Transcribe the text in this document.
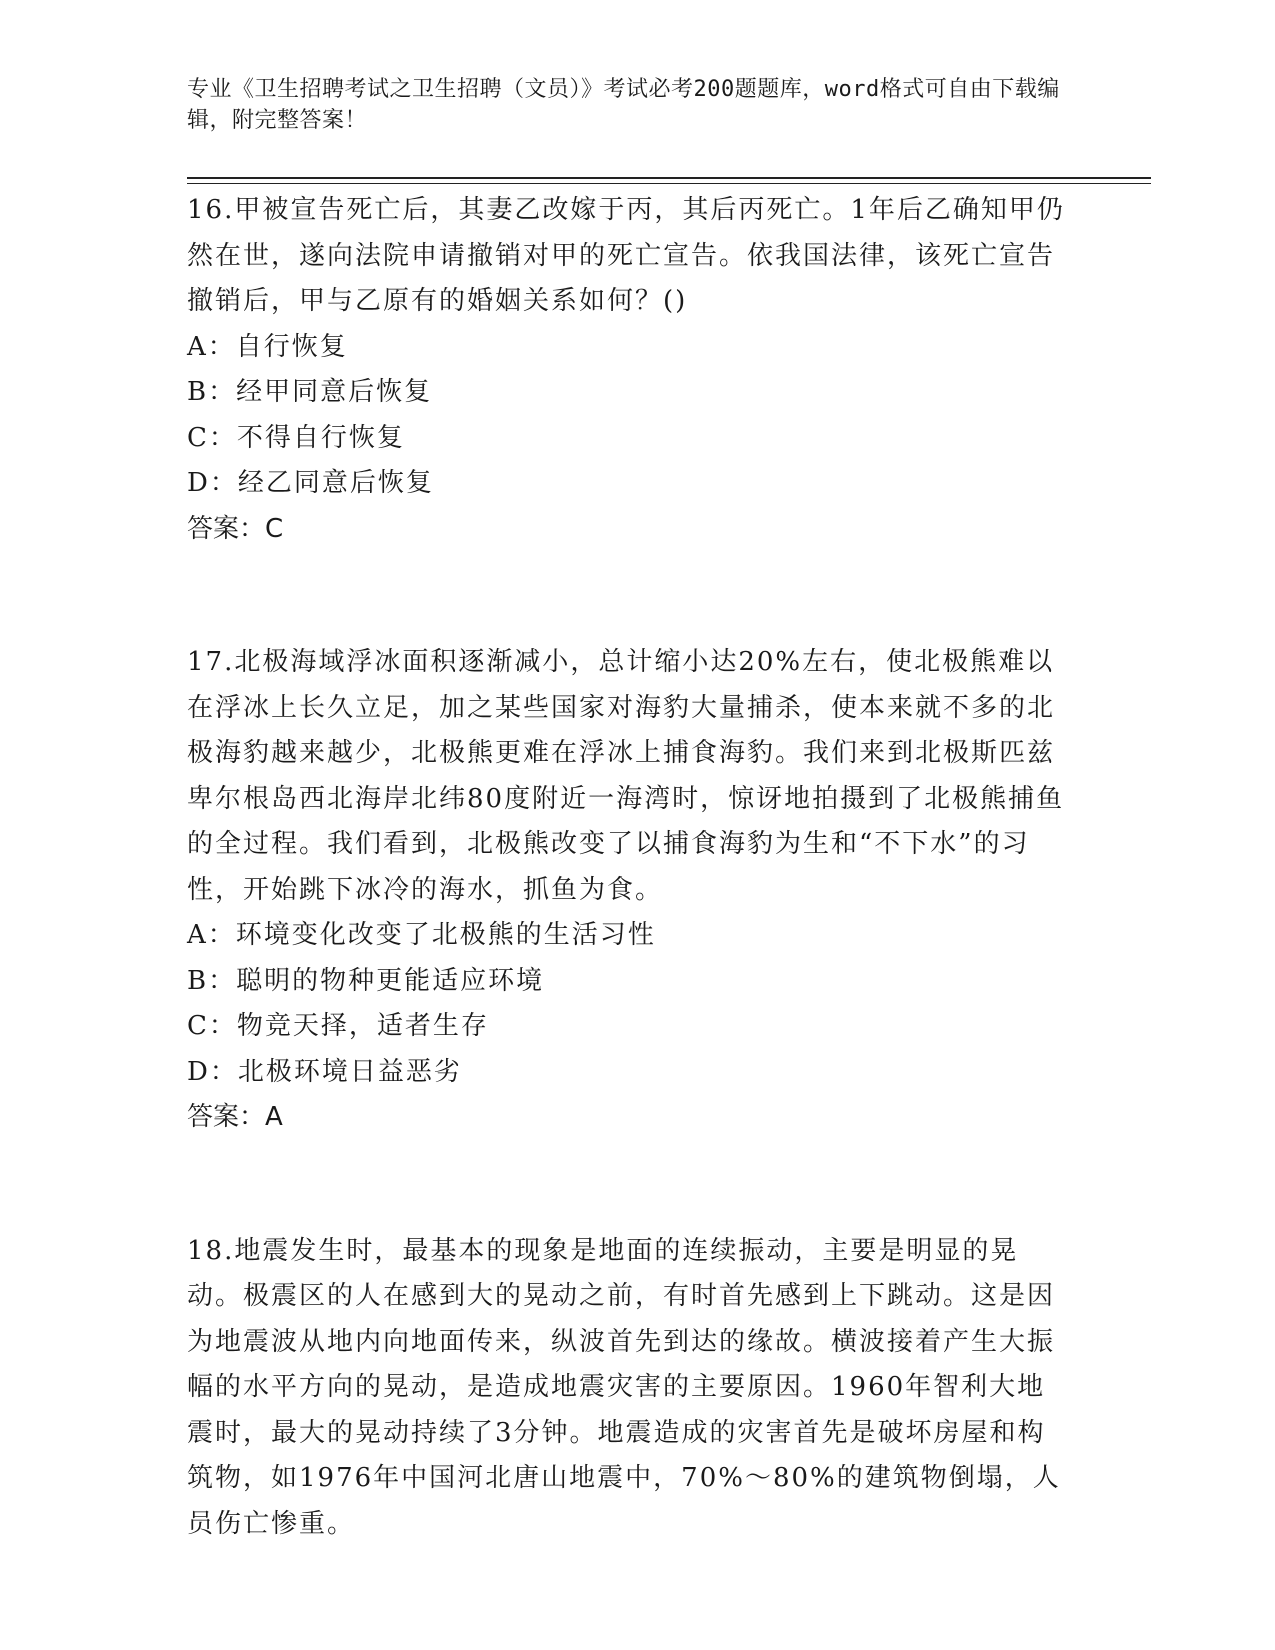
专业《卫生招聘考试之卫生招聘（文员）》考试必考200题题库，word格式可自由下载编辑，附完整答案！

16.甲被宣告死亡后，其妻乙改嫁于丙，其后丙死亡。1年后乙确知甲仍然在世，遂向法院申请撤销对甲的死亡宣告。依我国法律，该死亡宣告撤销后，甲与乙原有的婚姻关系如何？()

A：自行恢复

B：经甲同意后恢复

C：不得自行恢复

D：经乙同意后恢复

答案：C

17.北极海域浮冰面积逐渐减小，总计缩小达20%左右，使北极熊难以在浮冰上长久立足，加之某些国家对海豹大量捕杀，使本来就不多的北极海豹越来越少，北极熊更难在浮冰上捕食海豹。我们来到北极斯匹兹卑尔根岛西北海岸北纬80度附近一海湾时，惊讶地拍摄到了北极熊捕鱼的全过程。我们看到，北极熊改变了以捕食海豹为生和“不下水”的习性，开始跳下冰冷的海水，抓鱼为食。

A：环境变化改变了北极熊的生活习性

B：聪明的物种更能适应环境

C：物竞天择，适者生存

D：北极环境日益恶劣

答案：A

18.地震发生时，最基本的现象是地面的连续振动，主要是明显的晃动。极震区的人在感到大的晃动之前，有时首先感到上下跳动。这是因为地震波从地内向地面传来，纵波首先到达的缘故。横波接着产生大振幅的水平方向的晃动，是造成地震灾害的主要原因。1960年智利大地震时，最大的晃动持续了3分钟。地震造成的灾害首先是破坏房屋和构筑物，如1976年中国河北唐山地震中，70%～80%的建筑物倒塌，人员伤亡惨重。
